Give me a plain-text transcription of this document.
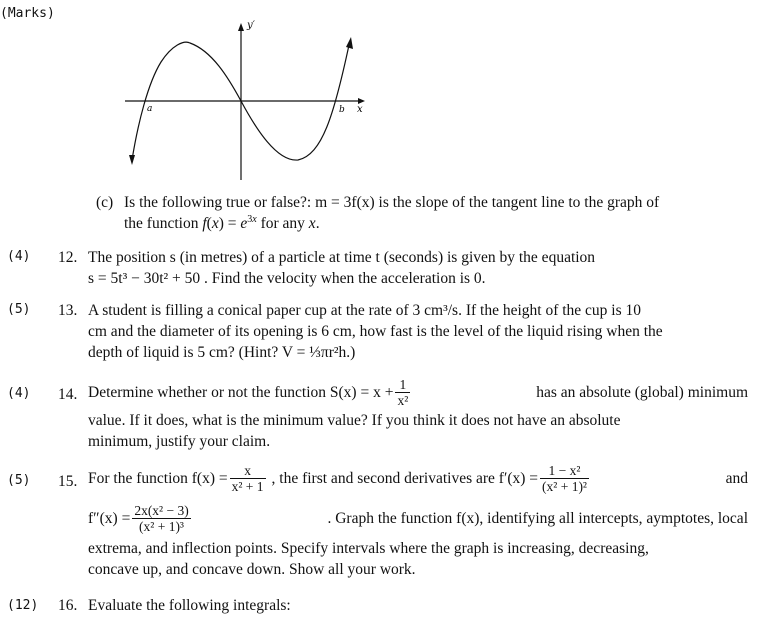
(Marks)
y′
x
a	b
(c) Is the following true or false?: m = 3f(x) is the slope of the tangent line to the graph of
the function $f(x) = e^{3x}$ for any x.
(4) 12. The position s (in metres) of a particle at time t (seconds) is given by the equation
s = 5t³ − 30t² + 50 . Find the velocity when the acceleration is 0.
(5) 13. A student is filling a conical paper cup at the rate of 3 cm³/s. If the height of the cup is 10
cm and the diameter of its opening is 6 cm, how fast is the level of the liquid rising when the
depth of liquid is 5 cm? (Hint? V = ⅓πr²h.)
(4) 14. Determine whether or not the function $S(x) = x + \frac{1}{\text{x²}}$	has an absolute (global) minimum
value. If it does, what is the minimum value? If you think it does not have an absolute
minimum, justify your claim.
(5) 15. For the function $f(x) = \frac{x}{\text{x² + 1}}$ , the first and second derivatives are $f'(x) = \frac{\text{1 − x²}}{\text{(x² + 1)²}}$	and
$f''(x) = \frac{\text{2x(x² − 3)}}{\text{(x² + 1)³}}$	. Graph the function f(x), identifying all intercepts, aymptotes, local
extrema, and inflection points. Specify intervals where the graph is increasing, decreasing,
concave up, and concave down. Show all your work.
(12) 16. Evaluate the following integrals:
